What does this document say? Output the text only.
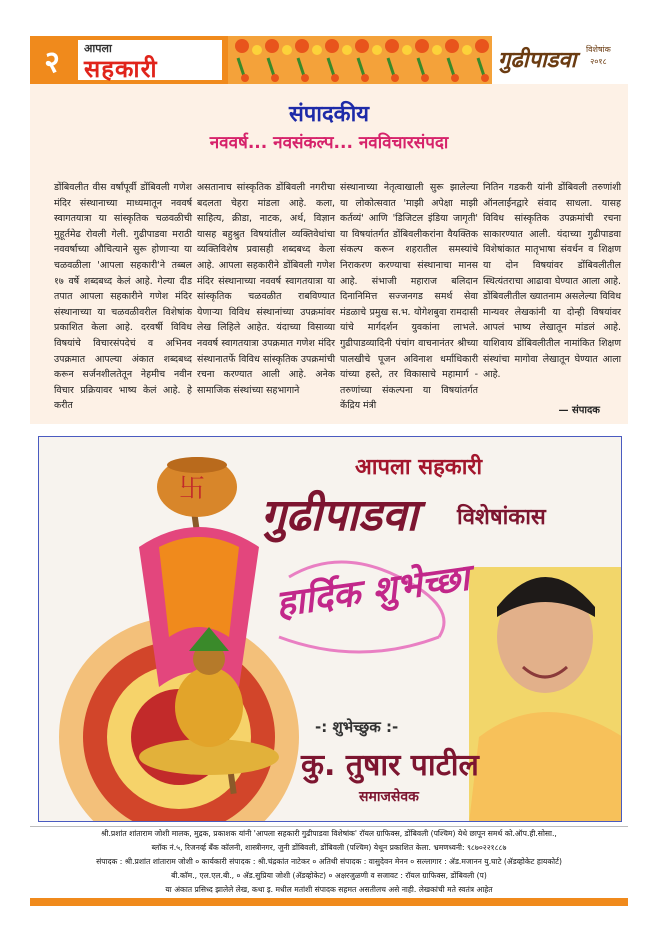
२	आपला
सहकारी	गुढीपाडवा विशेषांक
२०१८
संपादकीय
नववर्ष... नवसंकल्प... नवविचारसंपदा
डोंबिवलीत वीस वर्षांपूर्वी डोंबिवली गणेश मंदिर संस्थानाच्या माध्यमातून नववर्ष स्वागतयात्रा या सांस्कृतिक चळवळीची मुहूर्तमेढ रोवली गेली. गुढीपाडवा मराठी नववर्षाच्या औचित्याने सुरू होणाऱ्या या चळवळीला 'आपला सहकारी'ने तब्बल १७ वर्षे शब्दबध्द केलं आहे. गेल्या दीड तपात आपला सहकारीने गणेश मंदिर संस्थानाच्या या चळवळीवरील विशेषांक प्रकाशित केला आहे. दरवर्षी विविध विषयांचे विचारसंपदेचं व अभिनव उपक्रमात आपल्या अंकात शब्दबध्द करून सर्जनशीलतेतून नेहमीच नवीन विचार प्रक्रियावर भाष्य केलं आहे. हे करीत
असतानाच सांस्कृतिक डोंबिवली नगरीचा बदलता चेहरा मांडला आहे. कला, साहित्य, क्रीडा, नाटक, अर्थ, विज्ञान यासह बहुश्रुत विषयांतील व्यक्तिवेधांचा व्यक्तिविशेष प्रवासही शब्दबध्द केला आहे. आपला सहकारीने डोंबिवली गणेश मंदिर संस्थानाच्या नववर्ष स्वागतयात्रा या सांस्कृतिक चळवळीत राबविण्यात येणाऱ्या विविध संस्थानांच्या उपक्रमांवर लेख लिहिले आहेत. यंदाच्या विसाव्या नववर्ष स्वागतयात्रा उपक्रमात गणेश मंदिर संस्थानातर्फे विविध सांस्कृतिक उपक्रमांची रचना करण्यात आली आहे. अनेक सामाजिक संस्थांच्या सहभागाने
संस्थानाच्या नेतृत्वाखाली सुरू झालेल्या या लोकोत्सवात 'माझी अपेक्षा माझी कर्तव्यं' आणि 'डिजिटल इंडिया जागृती' या विषयांतर्गत डोंबिवलीकरांना वैयक्तिक संकल्प करून शहरातील समस्यांचे निराकरण करण्याचा संस्थानाचा मानस आहे. संभाजी महाराज बलिदान दिनानिमित्त सज्जनगड समर्थ सेवा मंडळाचे प्रमुख स.भ. योगेशबुवा रामदासी यांचे मार्गदर्शन युवकांना लाभले. गुढीपाडव्यादिनी पंचांग वाचनानंतर श्रीच्या पालखीचे पूजन अविनाश धर्माधिकारी यांच्या हस्ते, तर विकासाचे महामार्ग - तरुणांच्या संकल्पना या विषयांतर्गत केंद्रिय मंत्री
नितिन गडकरी यांनी डोंबिवली तरुणांशी ऑनलाईनद्वारे संवाद साधला. यासह विविध सांस्कृतिक उपक्रमांची रचना साकारण्यात आली. यंदाच्या गुढीपाडवा विशेषांकात मातृभाषा संवर्धन व शिक्षण या दोन विषयांवर डोंबिवलीतील स्थित्यंतराचा आढावा घेण्यात आला आहे. डोंबिवलीतील ख्यातनाम असलेल्या विविध मान्यवर लेखकांनी या दोन्ही विषयांवर आपलं भाष्य लेखातून मांडलं आहे. याशिवाय डोंबिवलीतील नामांकित शिक्षण संस्थांचा मागोवा लेखातून घेण्यात आला आहे.
— संपादक
卐
आपला सहकारी
गुढीपाडवा विशेषांकास
हार्दिक शुभेच्छा
-: शुभेच्छुक :-
कु. तुषार पाटील
समाजसेवक
श्री.प्रशांत शांताराम जोशी मालक, मुद्रक, प्रकाशक यांनी 'आपला सहकारी गुढीपाडवा विशेषांक' रॉयल ग्राफिक्स, डोंबिवली (पश्चिम) येथे छापून समर्थ को.ऑप.ही.सोसा.,
ब्लॉक नं.५, रिजनर्व्ह बँक कॉलनी, शास्त्रीनगर, जुनी डोंबिवली, डोंबिवली (पश्चिम) येथून प्रकाशित केला. भ्रमणध्वनी: ९८७०२२१८८७
संपादक : श्री.प्रशांत शांताराम जोशी ० कार्यकारी संपादक : श्री.चंद्रकांत नाटेकर ० अतिथी संपादक : वासुदेवन मेनन ० सल्लागार : ॲड.मजानन यु.घाटे (ॲडव्होकेट हायकोर्ट)
बी.कॉम., एल.एल.बी., ० ॲड.सुप्रिया जोशी (ॲडव्होकेट) ० अक्षरजुळणी व सजावट : रॉयल ग्राफिक्स, डोंबिवली (प)
या अंकात प्रसिध्द झालेले लेख, कथा इ. मधील मतांशी संपादक सहमत असतीलच असे नाही. लेखकांची मते स्वतंत्र आहेत
